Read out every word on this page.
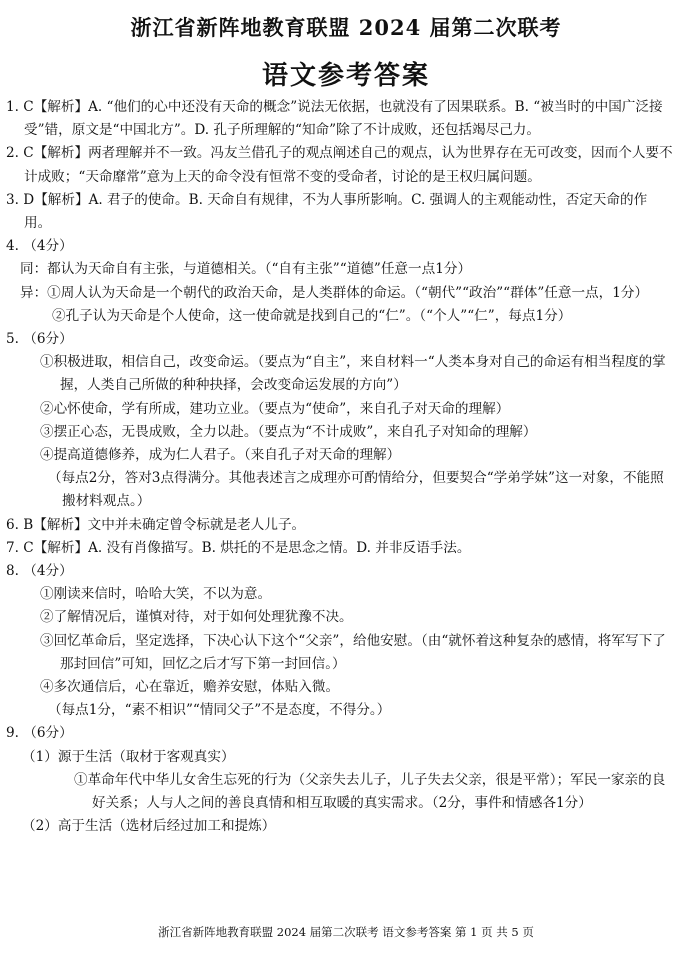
浙江省新阵地教育联盟 2024 届第二次联考
语文参考答案

1. C【解析】A. “他们的心中还没有天命的概念”说法无依据，也就没有了因果联系。B. “被当时的中国广泛接受”错，原文是“中国北方”。D. 孔子所理解的“知命”除了不计成败，还包括竭尽己力。

2. C【解析】两者理解并不一致。冯友兰借孔子的观点阐述自己的观点，认为世界存在无可改变，因而个人要不计成败；“天命靡常”意为上天的命令没有恒常不变的受命者，讨论的是王权归属问题。

3. D【解析】A. 君子的使命。B. 天命自有规律，不为人事所影响。C. 强调人的主观能动性，否定天命的作用。

4. （4分）

同：都认为天命自有主张，与道德相关。（“自有主张”“道德”任意一点1分）

异：①周人认为天命是一个朝代的政治天命，是人类群体的命运。（“朝代”“政治”“群体”任意一点，1分）

②孔子认为天命是个人使命，这一使命就是找到自己的“仁”。（“个人”“仁”，每点1分）

5. （6分）

①积极进取，相信自己，改变命运。（要点为“自主”，来自材料一“人类本身对自己的命运有相当程度的掌握，人类自己所做的种种抉择，会改变命运发展的方向”）

②心怀使命，学有所成，建功立业。（要点为“使命”，来自孔子对天命的理解）

③摆正心态，无畏成败，全力以赴。（要点为“不计成败”，来自孔子对知命的理解）

④提高道德修养，成为仁人君子。（来自孔子对天命的理解）

（每点2分，答对3点得满分。其他表述言之成理亦可酌情给分，但要契合“学弟学妹”这一对象，不能照搬材料观点。）

6. B【解析】文中并未确定曾令标就是老人儿子。

7. C【解析】A. 没有肖像描写。B. 烘托的不是思念之情。D. 并非反语手法。

8. （4分）

①刚读来信时，哈哈大笑，不以为意。

②了解情况后，谨慎对待，对于如何处理犹豫不决。

③回忆革命后，坚定选择，下决心认下这个“父亲”，给他安慰。（由“就怀着这种复杂的感情，将军写下了那封回信”可知，回忆之后才写下第一封回信。）

④多次通信后，心在靠近，赡养安慰，体贴入微。

（每点1分，“素不相识”“情同父子”不是态度，不得分。）

9. （6分）

（1）源于生活（取材于客观真实）

①革命年代中华儿女舍生忘死的行为（父亲失去儿子，儿子失去父亲，很是平常）；军民一家亲的良好关系；人与人之间的善良真情和相互取暖的真实需求。（2分，事件和情感各1分）

（2）高于生活（选材后经过加工和提炼）

浙江省新阵地教育联盟 2024 届第二次联考 语文参考答案 第 1 页 共 5 页
